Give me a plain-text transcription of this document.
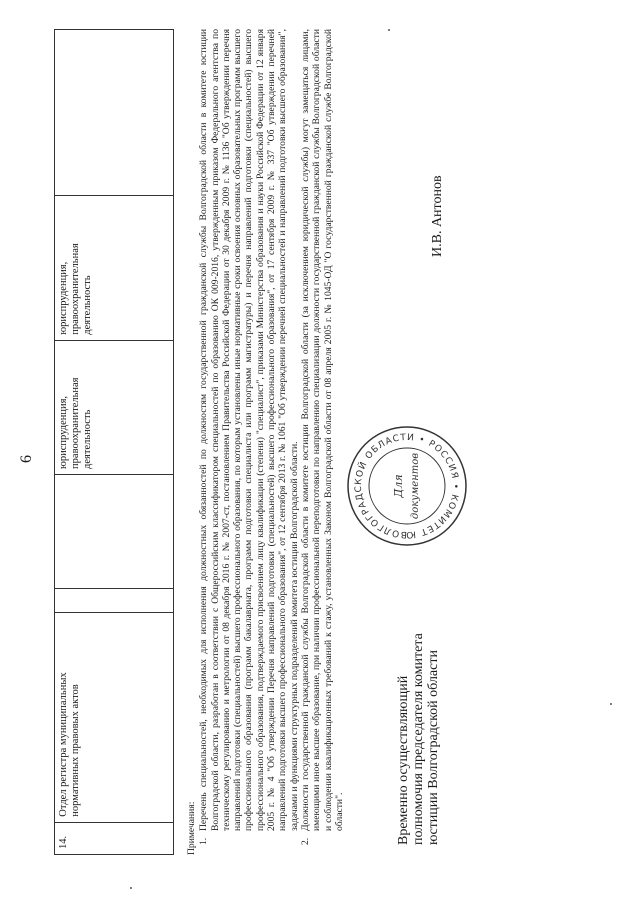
6
14.	Отдел регистра муниципальных нормативных правовых актов			юриспруденция, правоохранительная деятельность	юриспруденция, правоохранительная деятельность	
Примечания: 1.
Перечень специальностей, необходимых для исполнения должностных обязанностей по должностям государственной гражданской службы Волгоградской области в комитете юстиции Волгоградской области, разработан в соответствии с Общероссийским классификатором специальностей по образованию ОК 009-2016, утвержденным приказом Федерального агентства по техническому регулированию и метрологии от 08 декабря 2016 г. № 2007-ст, постановлением Правительства Российской Федерации от 30 декабря 2009 г. № 1136 "Об утверждении перечня направлений подготовки (специальностей) высшего профессионального образования, по которым установлены иные нормативные сроки освоения основных образовательных программ высшего профессионального образования (программ бакалавриата, программ подготовки специалиста или программ магистратуры) и перечня направлений подготовки (специальностей) высшего профессионального образования, подтверждаемого присвоением лицу квалификации (степени) "специалист", приказами Министерства образования и науки Российской Федерации от 12 января 2005 г. № 4 "Об утверждении Перечня направлений подготовки (специальностей) высшего профессионального образования", от 17 сентября 2009 г. № 337 "Об утверждении перечней направлений подготовки высшего профессионального образования", от 12 сентября 2013 г. № 1061 "Об утверждении перечней специальностей и направлений подготовки высшего образования", задачами и функциями структурных подразделений комитета юстиции Волгоградской области.
2.
Должности государственной гражданской службы Волгоградской области в комитете юстиции Волгоградской области (за исключением юридической службы) могут замещаться лицами, имеющими иное высшее образование, при наличии профессиональной переподготовки по направлению специализации должности государственной гражданской службы Волгоградской области и соблюдении квалификационных требований к стажу, установленных Законом Волгоградской области от 08 апреля 2005 г. № 1045-ОД "О государственной гражданской службе Волгоградской области".
ВОЛГОГРАДСКОЙ ОБЛАСТИ • РОССИЯ • КОМИТЕТ Ю
Для документов
Временно осуществляющий полномочия председателя комитета юстиции Волгоградской области
И.В. Антонов
